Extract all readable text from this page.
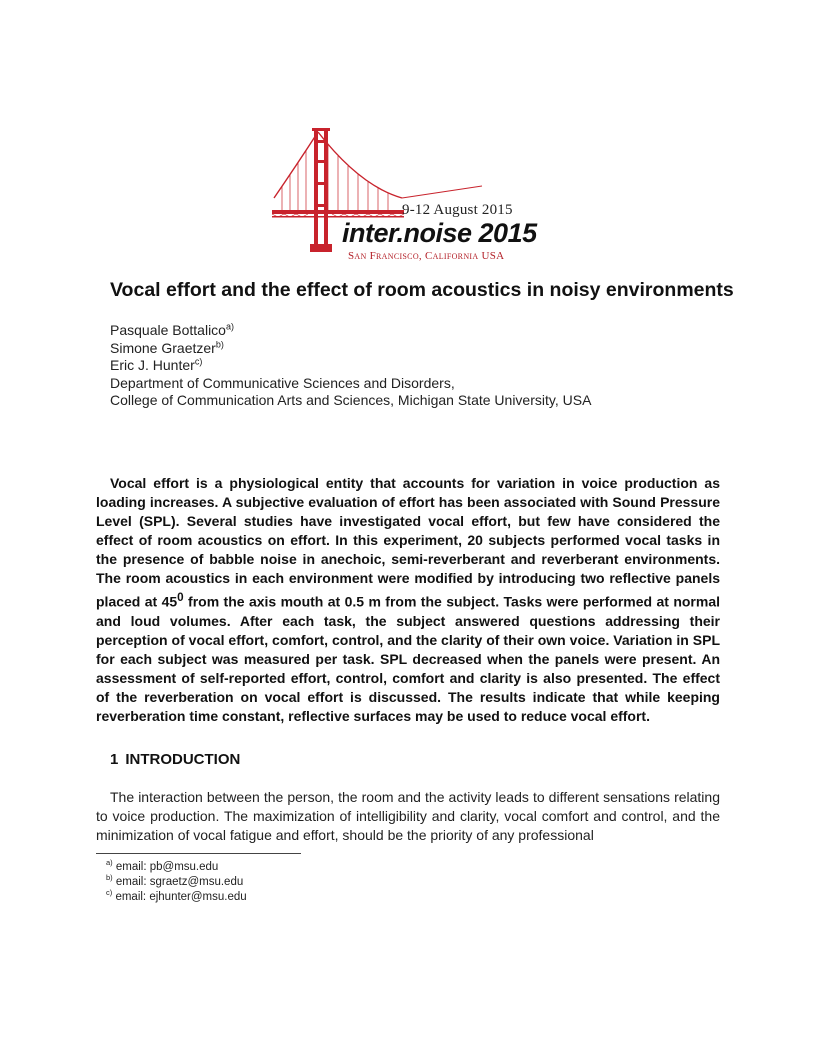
9-12 August 2015
inter.noise 2015
San Francisco, California USA
Vocal effort and the effect of room acoustics in noisy environments
Pasquale Bottalico$^{a)}$
Simone Graetzer$^{b)}$
Eric J. Hunter$^{c)}$
Department of Communicative Sciences and Disorders,
College of Communication Arts and Sciences, Michigan State University, USA

Vocal effort is a physiological entity that accounts for variation in voice production as loading increases. A subjective evaluation of effort has been associated with Sound Pressure Level (SPL). Several studies have investigated vocal effort, but few have considered the effect of room acoustics on effort. In this experiment, 20 subjects performed vocal tasks in the presence of babble noise in anechoic, semi-reverberant and reverberant environments. The room acoustics in each environment were modified by introducing two reflective panels placed at $45^0$ from the axis mouth at 0.5 m from the subject. Tasks were performed at normal and loud volumes. After each task, the subject answered questions addressing their perception of vocal effort, comfort, control, and the clarity of their own voice. Variation in SPL for each subject was measured per task. SPL decreased when the panels were present. An assessment of self-reported effort, control, comfort and clarity is also presented. The effect of the reverberation on vocal effort is discussed. The results indicate that while keeping reverberation time constant, reflective surfaces may be used to reduce vocal effort.

1 INTRODUCTION

The interaction between the person, the room and the activity leads to different sensations relating to voice production. The maximization of intelligibility and clarity, vocal comfort and control, and the minimization of vocal fatigue and effort, should be the priority of any professional

$^{a)}$ email: pb@msu.edu
$^{b)}$ email: sgraetz@msu.edu
$^{c)}$ email: ejhunter@msu.edu
